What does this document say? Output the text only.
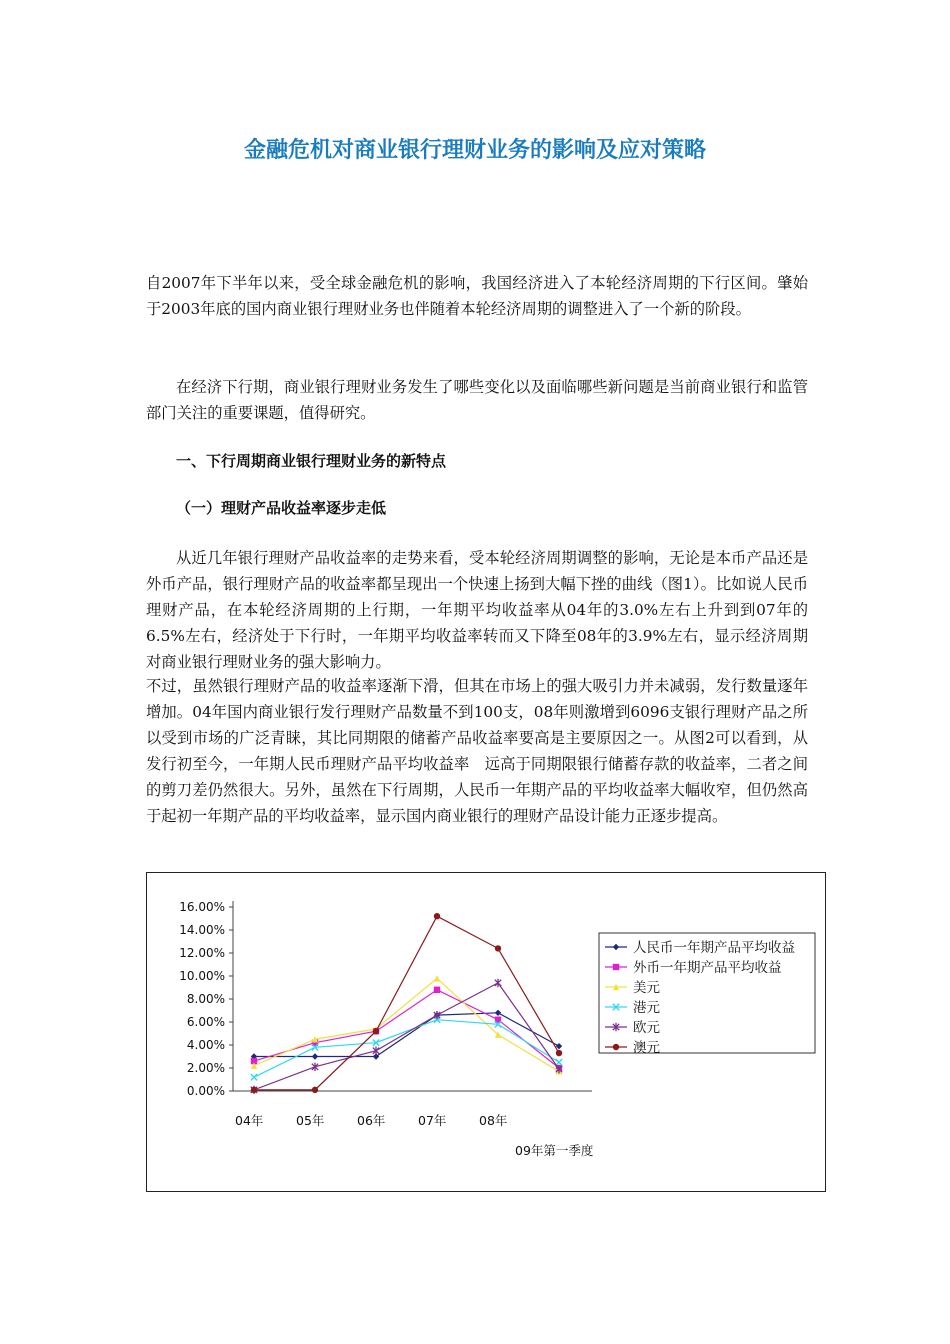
金融危机对商业银行理财业务的影响及应对策略
自2007年下半年以来，受全球金融危机的影响，我国经济进入了本轮经济周期的下行区间。肇始于2003年底的国内商业银行理财业务也伴随着本轮经济周期的调整进入了一个新的阶段。
在经济下行期，商业银行理财业务发生了哪些变化以及面临哪些新问题是当前商业银行和监管部门关注的重要课题，值得研究。
一、下行周期商业银行理财业务的新特点
（一）理财产品收益率逐步走低
从近几年银行理财产品收益率的走势来看，受本轮经济周期调整的影响，无论是本币产品还是外币产品，银行理财产品的收益率都呈现出一个快速上扬到大幅下挫的曲线（图1）。比如说人民币理财产品，在本轮经济周期的上行期，一年期平均收益率从04年的3.0%左右上升到到07年的6.5%左右，经济处于下行时，一年期平均收益率转而又下降至08年的3.9%左右，显示经济周期对商业银行理财业务的强大影响力。
不过，虽然银行理财产品的收益率逐渐下滑，但其在市场上的强大吸引力并未减弱，发行数量逐年增加。04年国内商业银行发行理财产品数量不到100支，08年则激增到6096支银行理财产品之所以受到市场的广泛青睐，其比同期限的储蓄产品收益率要高是主要原因之一。从图2可以看到，从发行初至今，一年期人民币理财产品平均收益率　远高于同期限银行储蓄存款的收益率，二者之间的剪刀差仍然很大。另外，虽然在下行周期，人民币一年期产品的平均收益率大幅收窄，但仍然高于起初一年期产品的平均收益率，显示国内商业银行的理财产品设计能力正逐步提高。
0.00%
2.00%
4.00%
6.00%
8.00%
10.00%
12.00%
14.00%
16.00%
04年	05年	06年	07年	08年
09年第一季度
人民币一年期产品平均收益
外币一年期产品平均收益
美元
港元
欧元
澳元
